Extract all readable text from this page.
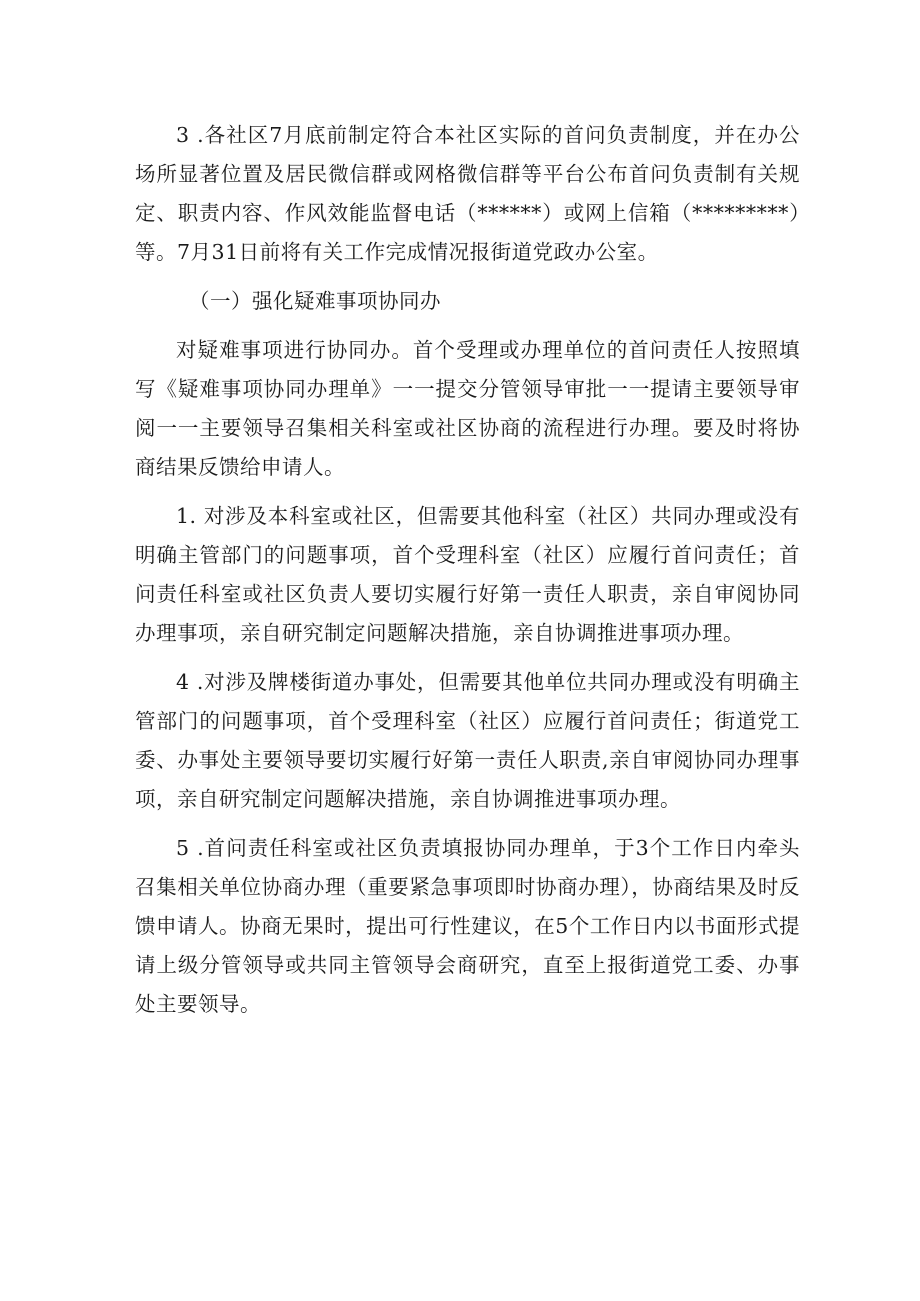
3 .各社区7月底前制定符合本社区实际的首问负责制度，并在办公场所显著位置及居民微信群或网格微信群等平台公布首问负责制有关规定、职责内容、作风效能监督电话（******）或网上信箱（*********）等。7月31日前将有关工作完成情况报街道党政办公室。

（一）强化疑难事项协同办

对疑难事项进行协同办。首个受理或办理单位的首问责任人按照填写《疑难事项协同办理单》一一提交分管领导审批一一提请主要领导审阅一一主要领导召集相关科室或社区协商的流程进行办理。要及时将协商结果反馈给申请人。

1. 对涉及本科室或社区，但需要其他科室（社区）共同办理或没有明确主管部门的问题事项，首个受理科室（社区）应履行首问责任；首问责任科室或社区负责人要切实履行好第一责任人职责，亲自审阅协同办理事项，亲自研究制定问题解决措施，亲自协调推进事项办理。

4 .对涉及牌楼街道办事处，但需要其他单位共同办理或没有明确主管部门的问题事项，首个受理科室（社区）应履行首问责任；街道党工委、办事处主要领导要切实履行好第一责任人职责,亲自审阅协同办理事项，亲自研究制定问题解决措施，亲自协调推进事项办理。

5 .首问责任科室或社区负责填报协同办理单，于3个工作日内牵头召集相关单位协商办理（重要紧急事项即时协商办理），协商结果及时反馈申请人。协商无果时，提出可行性建议，在5个工作日内以书面形式提请上级分管领导或共同主管领导会商研究，直至上报街道党工委、办事处主要领导。
